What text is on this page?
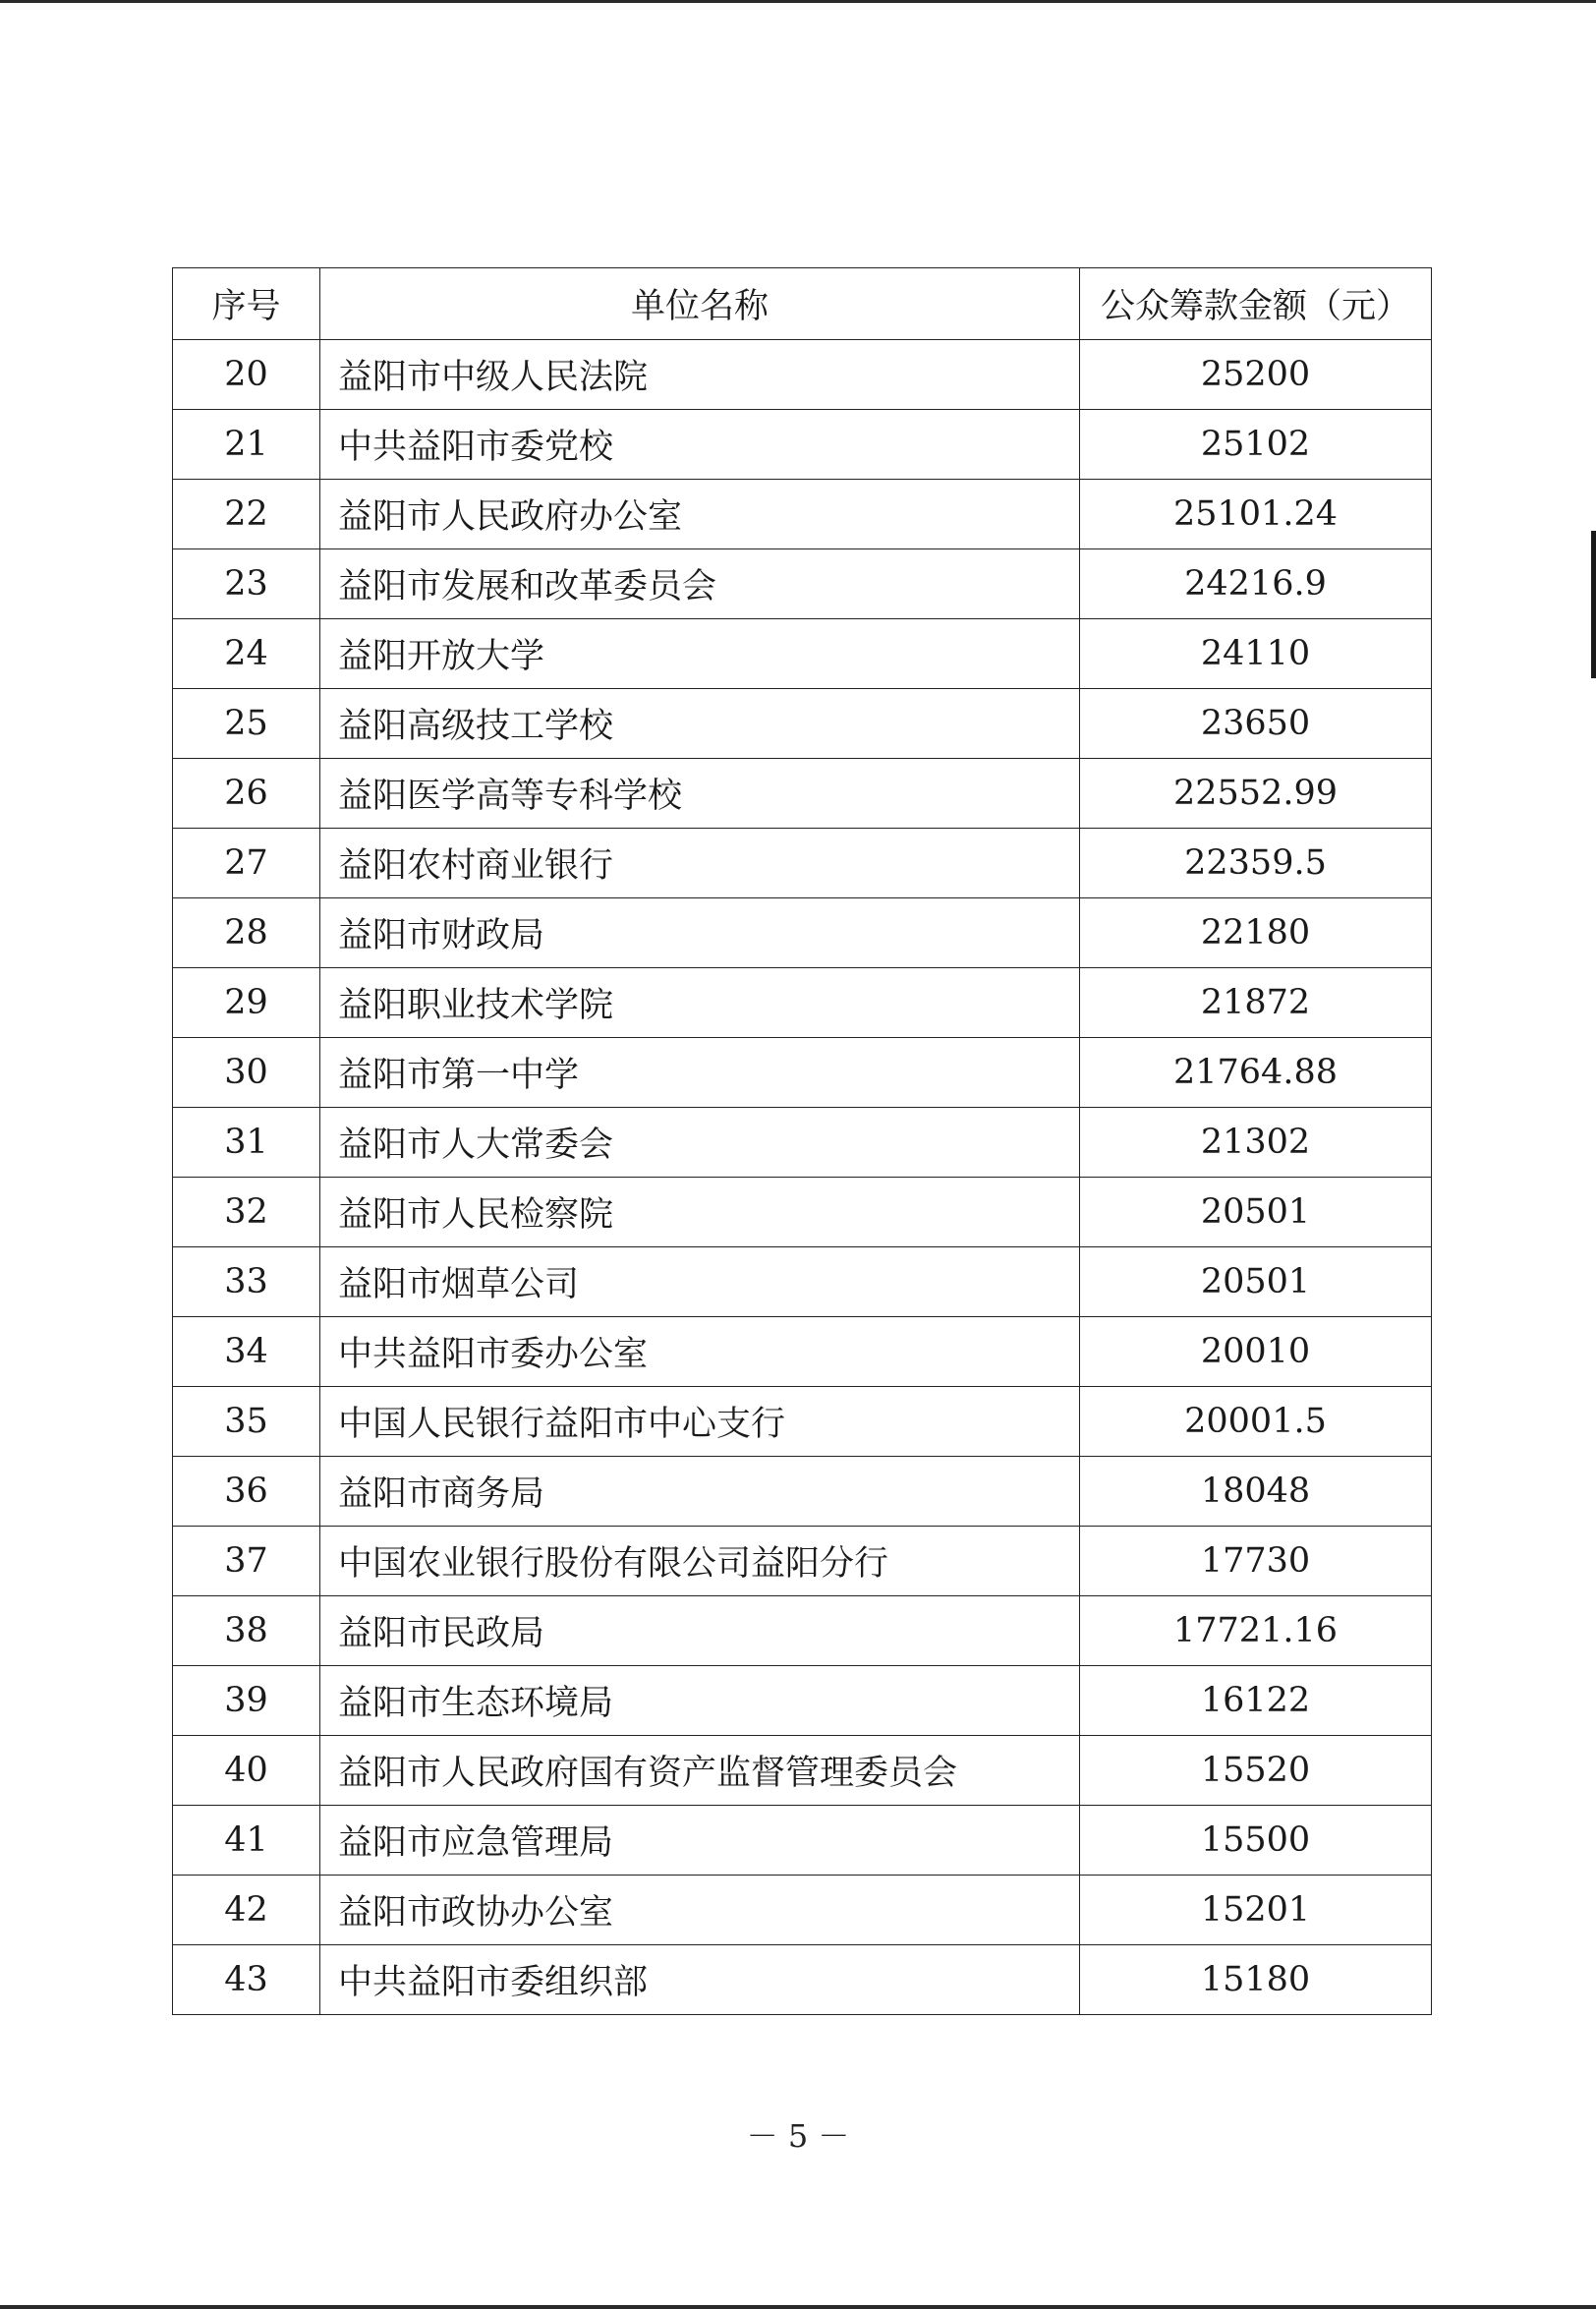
序号	单位名称	公众筹款金额（元）
20	益阳市中级人民法院	25200
21	中共益阳市委党校	25102
22	益阳市人民政府办公室	25101.24
23	益阳市发展和改革委员会	24216.9
24	益阳开放大学	24110
25	益阳高级技工学校	23650
26	益阳医学高等专科学校	22552.99
27	益阳农村商业银行	22359.5
28	益阳市财政局	22180
29	益阳职业技术学院	21872
30	益阳市第一中学	21764.88
31	益阳市人大常委会	21302
32	益阳市人民检察院	20501
33	益阳市烟草公司	20501
34	中共益阳市委办公室	20010
35	中国人民银行益阳市中心支行	20001.5
36	益阳市商务局	18048
37	中国农业银行股份有限公司益阳分行	17730
38	益阳市民政局	17721.16
39	益阳市生态环境局	16122
40	益阳市人民政府国有资产监督管理委员会	15520
41	益阳市应急管理局	15500
42	益阳市政协办公室	15201
43	中共益阳市委组织部	15180
－ 5 －
